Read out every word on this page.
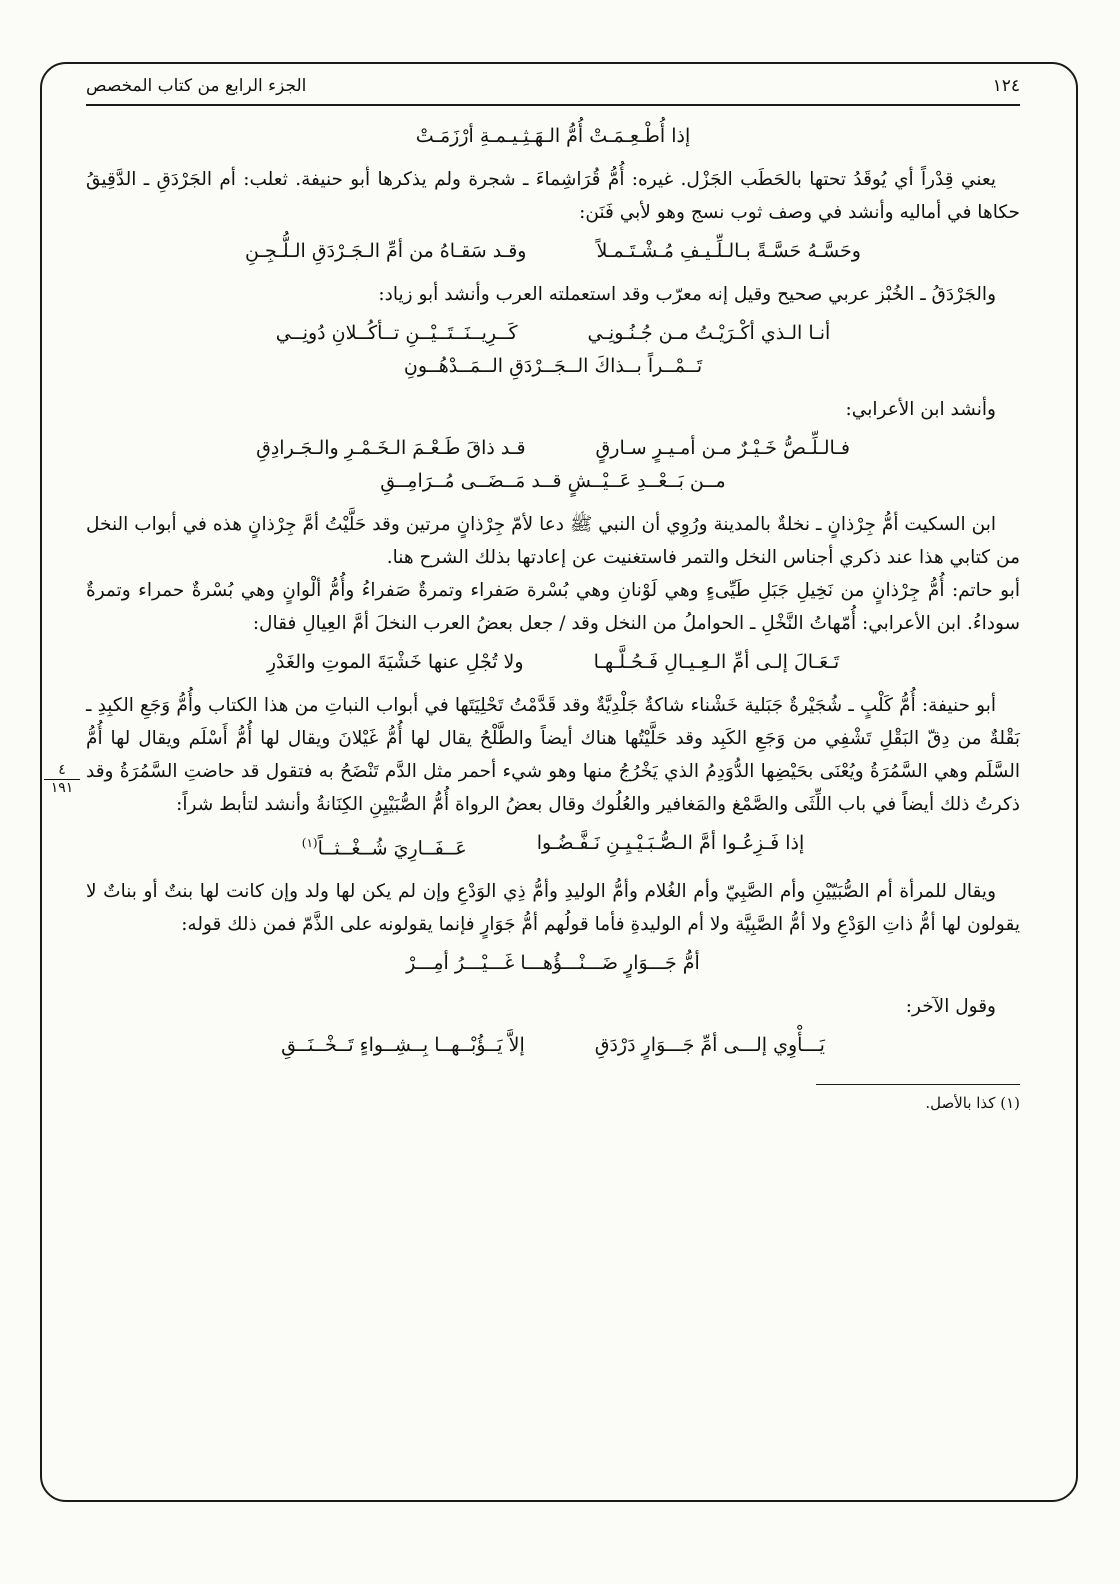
٤
١٩١
١٢٤
الجزء الرابع من كتاب المخصص
إذا أُطْـعِـمَـتْ أُمُّ الـهَـثِـيـمـةِ أرْزَمَـتْ

يعني قِدْراً أي يُوقَدُ تحتها بالحَطَب الجَزْل. غيره: أُمُّ قُرَاشِماءَ ـ شجرة ولم يذكرها أبو حنيفة. ثعلب: أم الجَرْدَقِ ـ الدَّقِيقُ حكاها في أماليه وأنشد في وصف ثوب نسج وهو لأبي فَنَن:

وحَسَّـهُ حَسَّـةً بـالـلِّـيـفِ مُـشْـتَـمـلاً
وقـد سَقـاهُ من أمِّ الـجَـرْدَقِ الـلُّـجِـنِ

والجَرْدَقُ ـ الخُبْز عربي صحيح وقيل إنه معرّب وقد استعملته العرب وأنشد أبو زياد:

أنـا الـذي أكْـرَيْـتُ مـن جُـنُـونِـي
كَــرِيــنَــتَــيْــنِ تــأكُــلانِ دُونِــي
تَــمْــراً بــذاكَ الــجَــرْدَقِ الــمَــدْهُــونِ

وأنشد ابن الأعرابي:

فـالـلِّـصُّ خَـيْـرٌ مـن أمـيـرٍ سـارقٍ
قـد ذاقَ طَـعْـمَ الـخَـمْـرِ والـجَـرادِقِ
مــن بَــعْــدِ عَــيْــشٍ قــد مَــضَــى مُــرَامِــقِ

ابن السكيت أمُّ جِرْذانٍ ـ نخلةٌ بالمدينة ورُوِي أن النبي ﷺ دعا لأمّ جِرْذانٍ مرتين وقد حَلَّيْتُ أمَّ جِرْذانٍ هذه في أبواب النخل من كتابي هذا عند ذكري أجناس النخل والتمر فاستغنيت عن إعادتها بذلك الشرح هنا.

أبو حاتم: أُمُّ جِرْذانٍ من نَخِيلِ جَبَلِ طَيِّىءٍ وهي لَوْنانِ وهي بُسْرة صَفراء وتمرةٌ صَفراءُ وأُمُّ ألْوانٍ وهي بُسْرةٌ حمراء وتمرةٌ سوداءُ. ابن الأعرابي: أُمّهاتُ النَّخْلِ ـ الحواملُ من النخل وقد / جعل بعضُ العرب النخلَ أمَّ العِيالِ فقال:

تَـعَـالَ إلـى أمِّ الـعِـيـالِ فَـحُـلَّـهـا
ولا تُجْلِ عنها خَشْيَةَ الموتِ والغَدْرِ

أبو حنيفة: أُمُّ كَلْبٍ ـ شُجَيْرةٌ جَبَلية خَشْناء شاكةٌ جَلْدِيَّةٌ وقد قَدَّمْتُ تَحْلِيَتَها في أبواب النباتِ من هذا الكتاب وأُمُّ وَجَعِ الكبِدِ ـ بَقْلةٌ من دِقّ البَقْلِ تَشْفِي من وَجَعِ الكَبِد وقد حَلَّيْتُها هناك أيضاً والطَّلْحُ يقال لها أُمُّ غَيْلانَ ويقال لها أُمُّ أَسْلَم ويقال لها أُمُّ السَّلَم وهي السَّمُرَةُ ويُعْنَى بحَيْضِها الدُّوَدِمُ الذي يَخْرُجُ منها وهو شيء أحمر مثل الدَّم تَنْضَحُ به فتقول قد حاضتِ السَّمُرَةُ وقد ذكرتُ ذلك أيضاً في باب اللِّثَى والصَّمْغ والمَغافير والعُلُوك وقال بعضُ الرواة أُمُّ الصُّبَيْيِنِ الكِنَانةُ وأنشد لتأبط شراً:

إذا فَـزِعُـوا أمَّ الـصُّـبَـيْـيِـنِ نَـفَّـضُـوا
عَــفَــارِيَ شُــغْــثــاً$^{(١)}$

ويقال للمرأة أم الصُّبَيّيْنِ وأم الصَّبِيّ وأم الغُلام وأمُّ الوليدِ وأمُّ ذِي الوَدْعِ وإن لم يكن لها ولد وإن كانت لها بنتٌ أو بناتٌ لا يقولون لها أمُّ ذاتِ الوَدْعِ ولا أمُّ الصَّبِيَّة ولا أم الوليدةِ فأما قولُهم أمُّ جَوَارٍ فإنما يقولونه على الذَّمّ فمن ذلك قوله:

أمُّ جَـــوَارٍ ضَـــنْـــؤُهـــا غَـــيْـــرُ أمِـــرْ

وقول الآخر:

يَـــأْوِي إلـــى أمِّ جَـــوَارٍ دَرْدَقِ
إلاَّ يَــؤُبْــهــا بِــشِــواءٍ تَــخْــنَــقِ
(١) كذا بالأصل.
